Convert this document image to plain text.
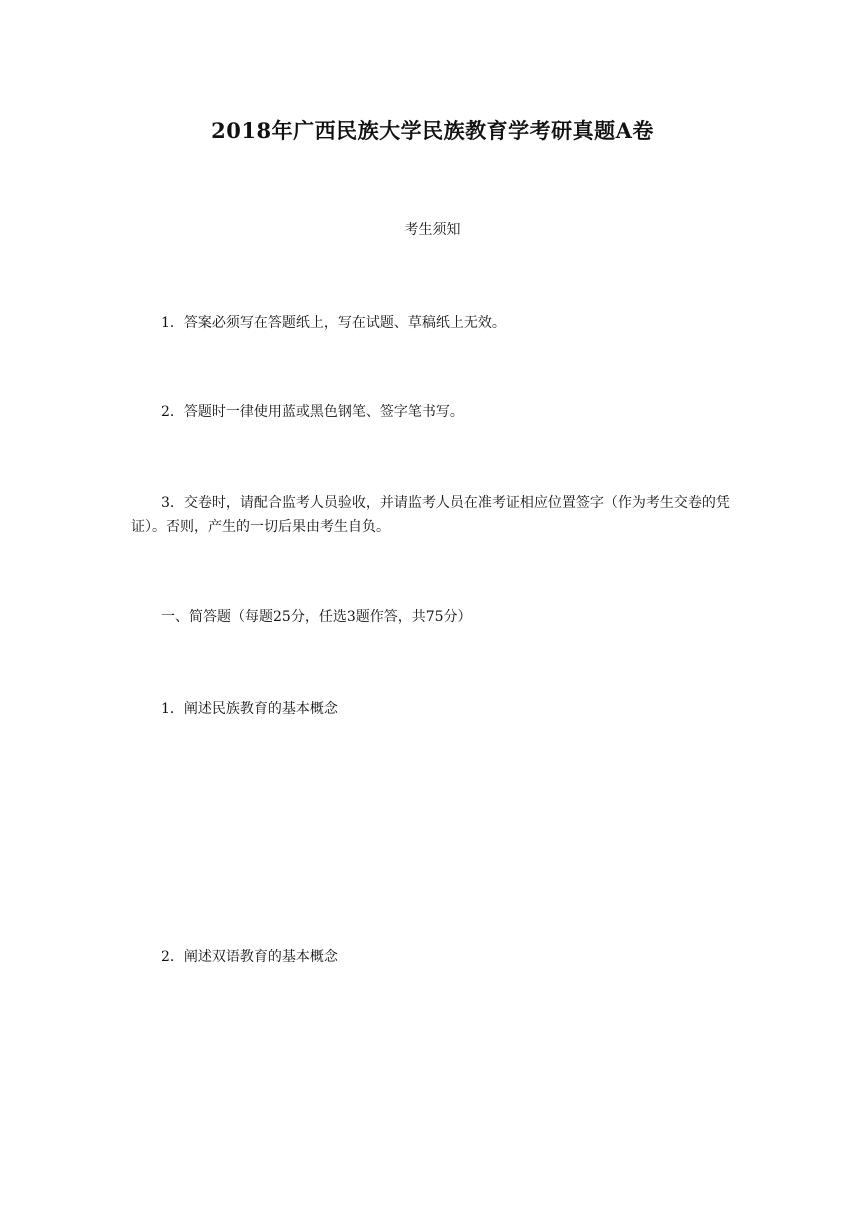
2018年广西民族大学民族教育学考研真题A卷

考生须知

1．答案必须写在答题纸上，写在试题、草稿纸上无效。

2．答题时一律使用蓝或黑色钢笔、签字笔书写。

3．交卷时，请配合监考人员验收，并请监考人员在准考证相应位置签字（作为考生交卷的凭证）。否则，产生的一切后果由考生自负。

一、简答题（每题25分，任选3题作答，共75分）

1．阐述民族教育的基本概念

2．阐述双语教育的基本概念
